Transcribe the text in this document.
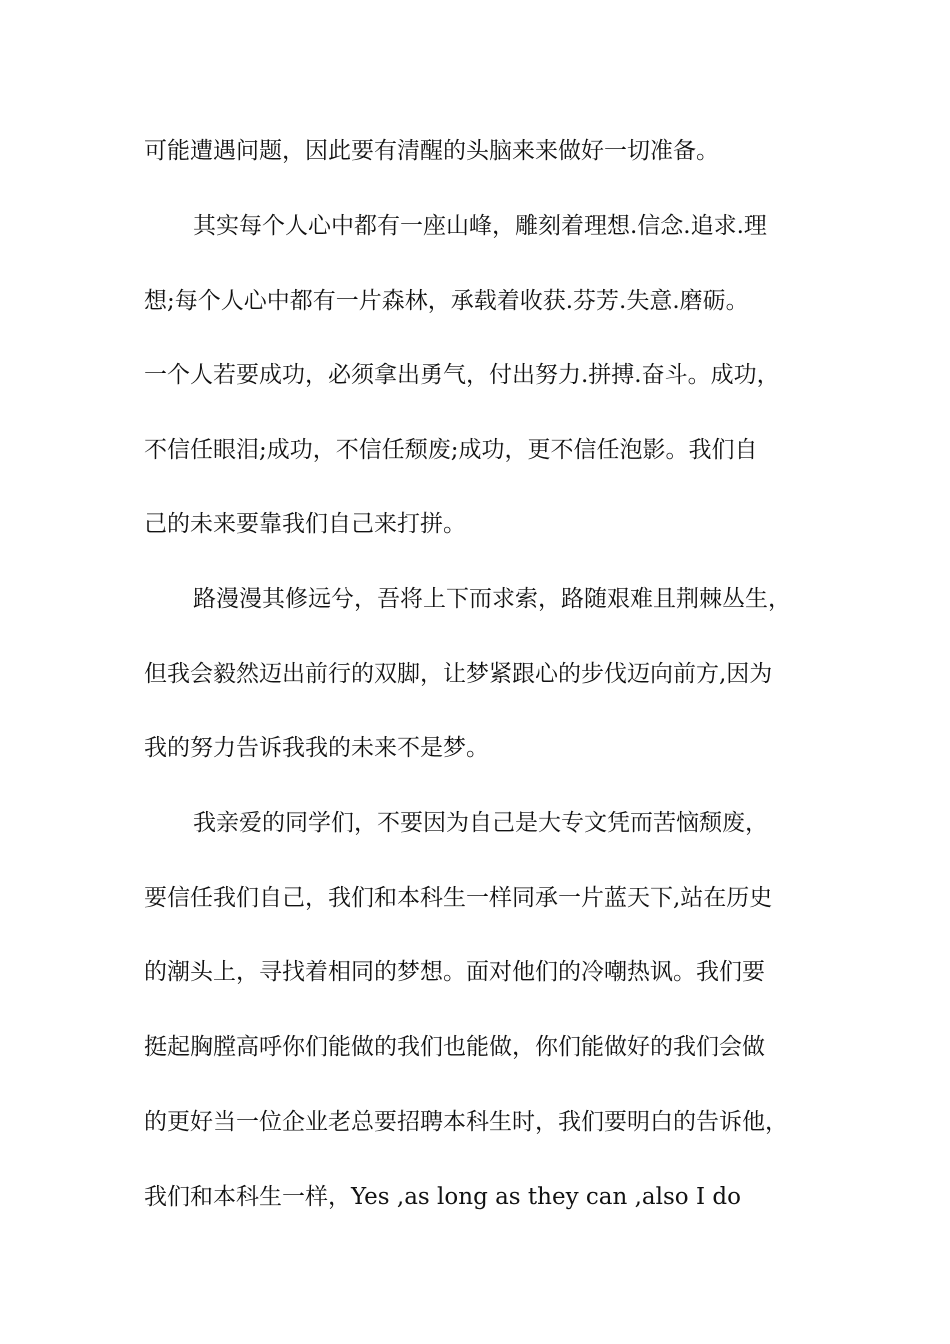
可能遭遇问题，因此要有清醒的头脑来来做好一切准备。
其实每个人心中都有一座山峰，雕刻着理想.信念.追求.理
想;每个人心中都有一片森林，承载着收获.芬芳.失意.磨砺。
一个人若要成功，必须拿出勇气，付出努力.拼搏.奋斗。成功，
不信任眼泪;成功，不信任颓废;成功，更不信任泡影。我们自
己的未来要靠我们自己来打拼。
路漫漫其修远兮，吾将上下而求索，路随艰难且荆棘丛生，
但我会毅然迈出前行的双脚，让梦紧跟心的步伐迈向前方,因为
我的努力告诉我我的未来不是梦。
我亲爱的同学们，不要因为自己是大专文凭而苦恼颓废，
要信任我们自己，我们和本科生一样同承一片蓝天下,站在历史
的潮头上，寻找着相同的梦想。面对他们的冷嘲热讽。我们要
挺起胸膛高呼你们能做的我们也能做，你们能做好的我们会做
的更好当一位企业老总要招聘本科生时，我们要明白的告诉他，
我们和本科生一样，Yes ,as long as they can ,also I do
